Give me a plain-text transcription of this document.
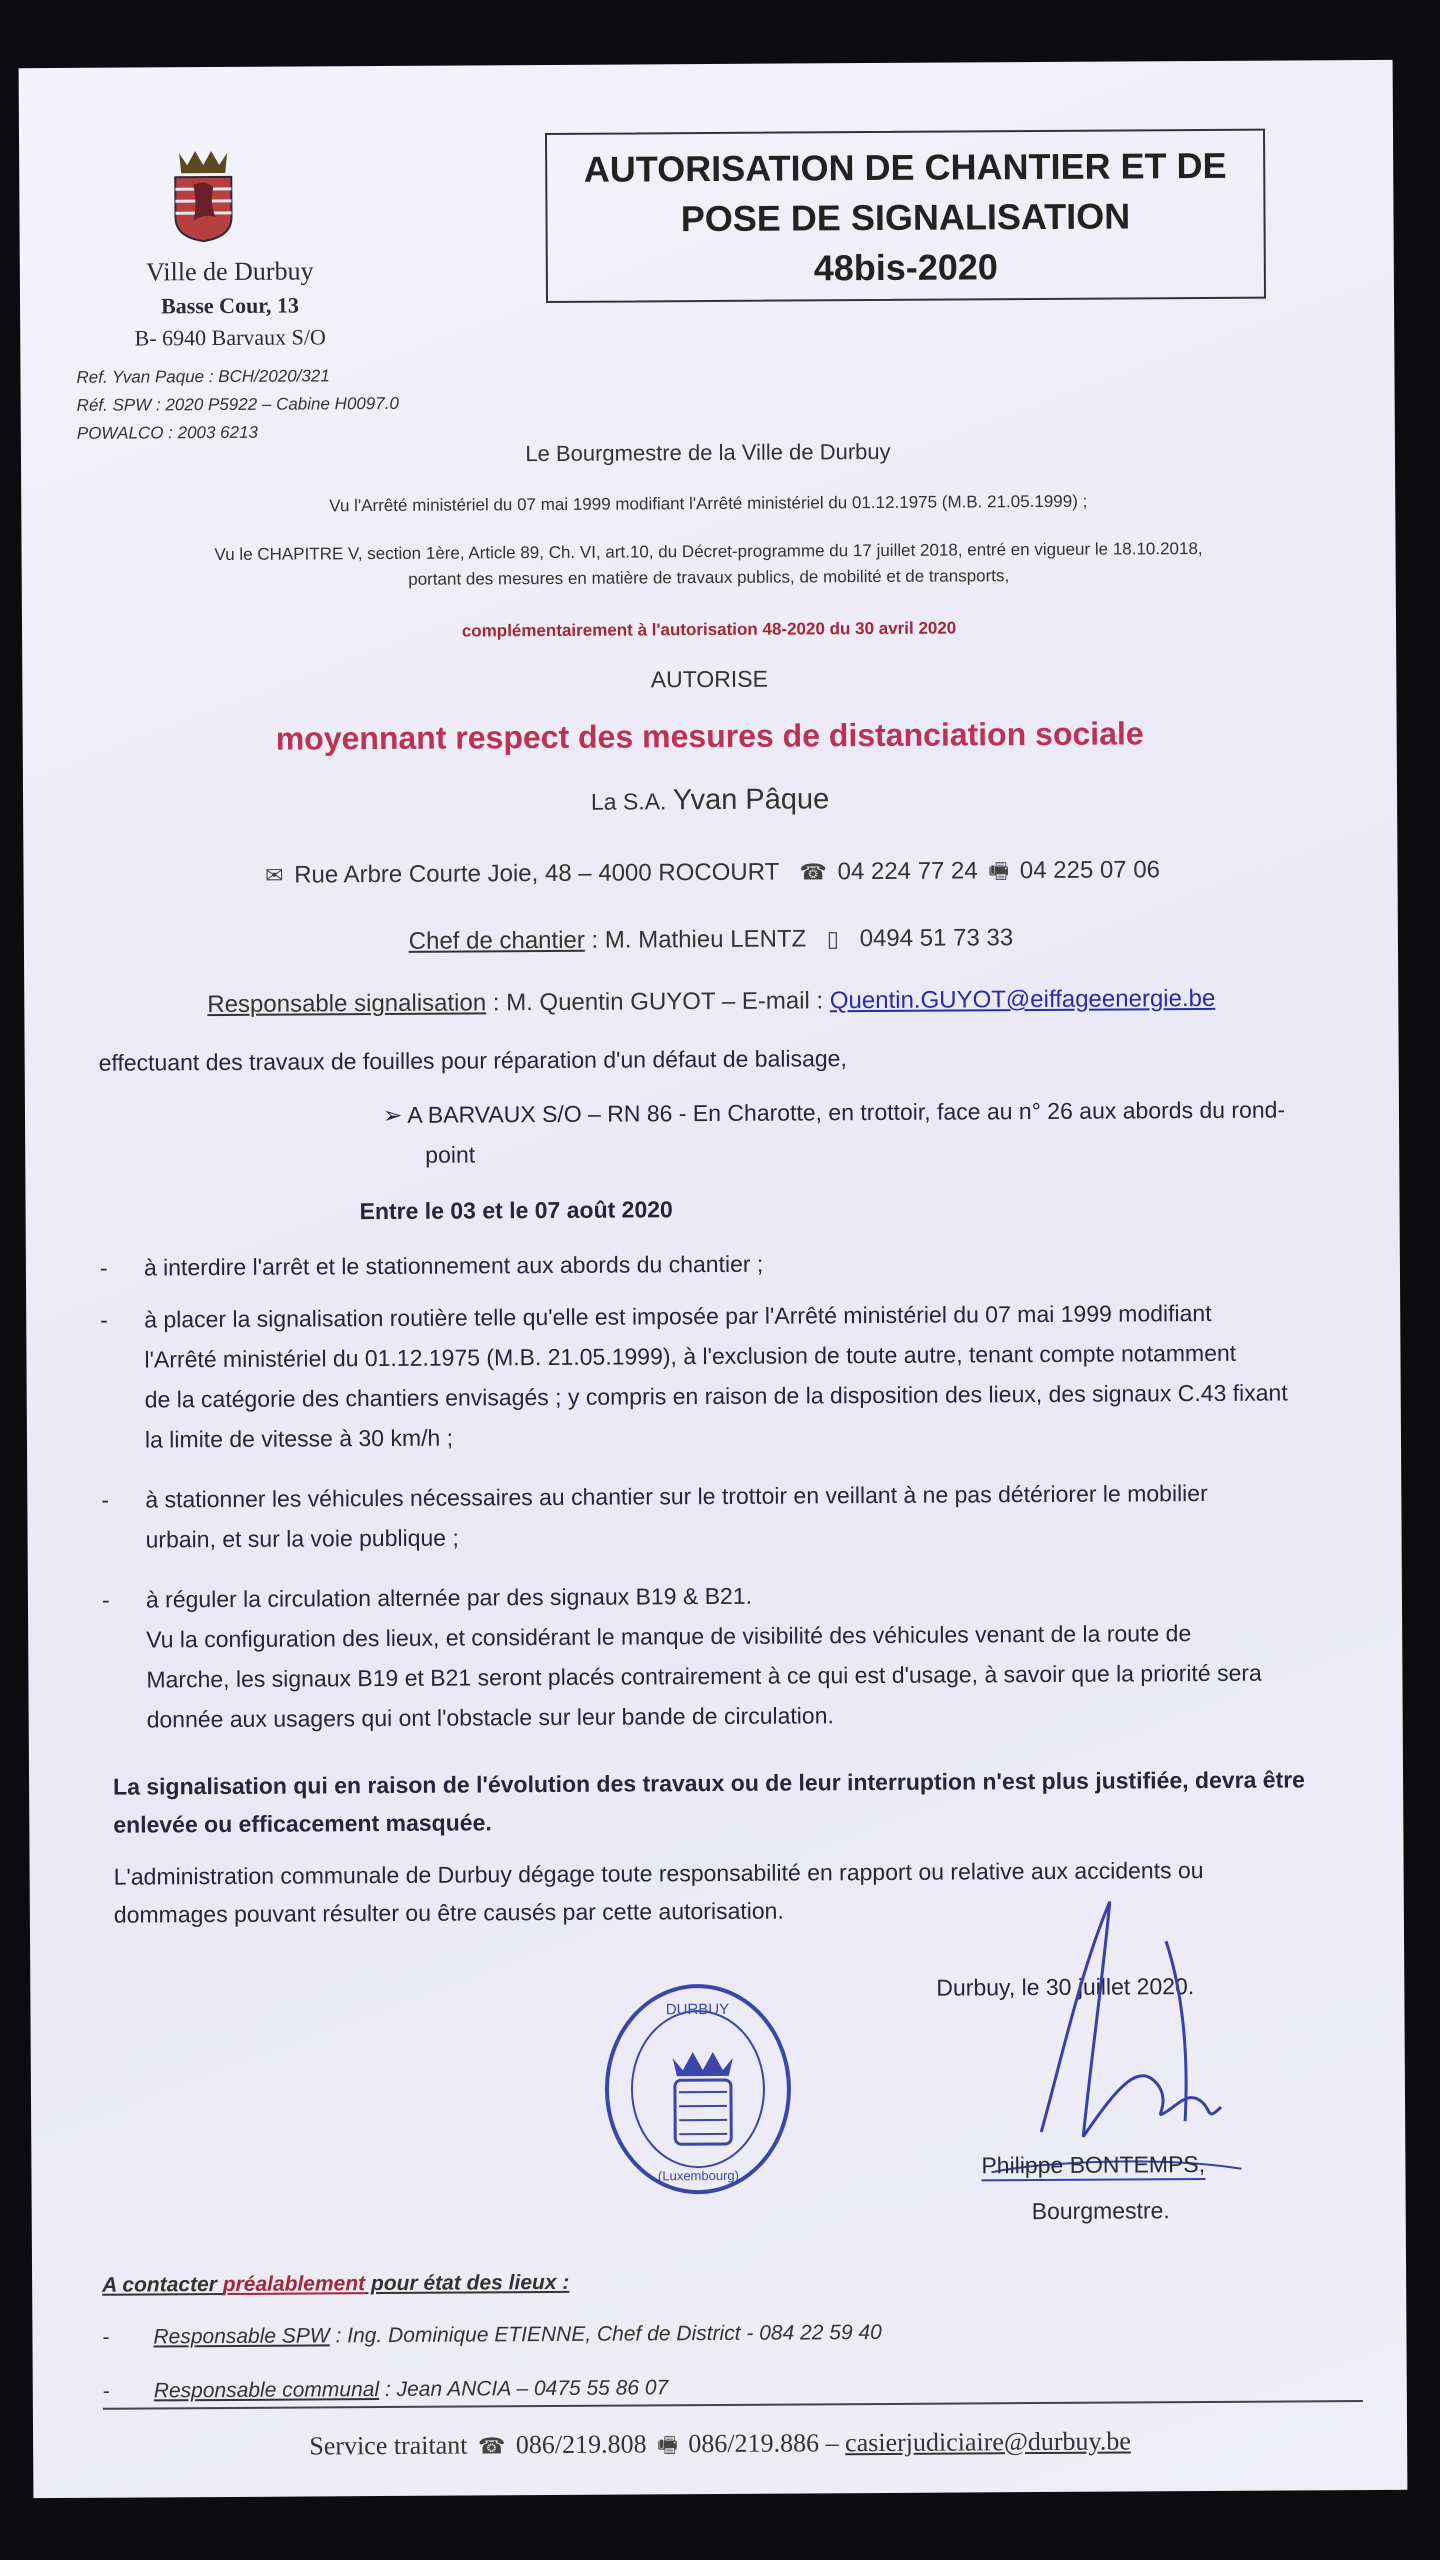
Ville de Durbuy
Basse Cour, 13
B- 6940 Barvaux S/O
Ref. Yvan Paque : BCH/2020/321
Réf. SPW : 2020 P5922 – Cabine H0097.0
POWALCO : 2003 6213
AUTORISATION DE CHANTIER ET DE
POSE DE SIGNALISATION
48bis-2020
Le Bourgmestre de la Ville de Durbuy
Vu l'Arrêté ministériel du 07 mai 1999 modifiant l'Arrêté ministériel du 01.12.1975 (M.B. 21.05.1999) ;
Vu le CHAPITRE V, section 1ère, Article 89, Ch. VI, art.10, du Décret-programme du 17 juillet 2018, entré en vigueur le 18.10.2018,
portant des mesures en matière de travaux publics, de mobilité et de transports,
complémentairement à l'autorisation 48-2020 du 30 avril 2020
AUTORISE
moyennant respect des mesures de distanciation sociale
La S.A. Yvan Pâque
✉ Rue Arbre Courte Joie, 48 – 4000 ROCOURT ☎ 04 224 77 24 🖷 04 225 07 06
Chef de chantier : M. Mathieu LENTZ ▯ 0494 51 73 33
Responsable signalisation : M. Quentin GUYOT – E-mail : Quentin.GUYOT@eiffageenergie.be
effectuant des travaux de fouilles pour réparation d'un défaut de balisage,
➢ A BARVAUX S/O – RN 86 - En Charotte, en trottoir, face au n° 26 aux abords du rond-
point
Entre le 03 et le 07 août 2020
- à interdire l'arrêt et le stationnement aux abords du chantier ;
- à placer la signalisation routière telle qu'elle est imposée par l'Arrêté ministériel du 07 mai 1999 modifiant
l'Arrêté ministériel du 01.12.1975 (M.B. 21.05.1999), à l'exclusion de toute autre, tenant compte notamment
de la catégorie des chantiers envisagés ; y compris en raison de la disposition des lieux, des signaux C.43 fixant
la limite de vitesse à 30 km/h ;
- à stationner les véhicules nécessaires au chantier sur le trottoir en veillant à ne pas détériorer le mobilier
urbain, et sur la voie publique ;
- à réguler la circulation alternée par des signaux B19 & B21.
Vu la configuration des lieux, et considérant le manque de visibilité des véhicules venant de la route de
Marche, les signaux B19 et B21 seront placés contrairement à ce qui est d'usage, à savoir que la priorité sera
donnée aux usagers qui ont l'obstacle sur leur bande de circulation.
La signalisation qui en raison de l'évolution des travaux ou de leur interruption n'est plus justifiée, devra être
enlevée ou efficacement masquée.
L'administration communale de Durbuy dégage toute responsabilité en rapport ou relative aux accidents ou
dommages pouvant résulter ou être causés par cette autorisation.
DURBUY
(Luxembourg)
Durbuy, le 30 juillet 2020.
Philippe BONTEMPS,
Bourgmestre.
A contacter préalablement pour état des lieux :
- Responsable SPW : Ing. Dominique ETIENNE, Chef de District - 084 22 59 40
- Responsable communal : Jean ANCIA – 0475 55 86 07
Service traitant ☎ 086/219.808 🖷 086/219.886 – casierjudiciaire@durbuy.be
